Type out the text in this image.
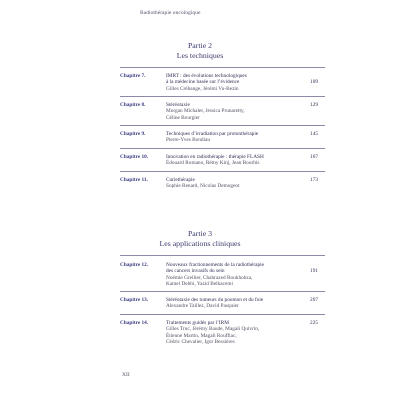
Radiothérapie oncologique
Partie 2
Les techniques
Chapitre 7.	IMRT : des évolutions technologiques
à la médecine basée sur l’évidence
Gilles Créhange, Jérémi Vu-Bezin
109
Chapitre 8.	Stéréotaxie
Morgan Michalet, Jessica Prunaretty,
Céline Bourgier
129
Chapitre 9.	Techniques d’irradiation par protonthérapie
Pierre-Yves Bondiau
145
Chapitre 10.	Innovation en radiothérapie : thérapie FLASH
Édouard Romano, Rémy Kinj, Jean Bourhis
167
Chapitre 11.	Curiethérapie
Sophie Renard, Nicolas Demogeot
173
Partie 3
Les applications cliniques
Chapitre 12.	Nouveaux fractionnements de la radiothérapie
des cancers invasifs du sein
Noémie Grellier, Chahrazed Boukhobza,
Kamel Debbi, Yazid Belkacemi
191
Chapitre 13.	Stéréotaxie des tumeurs du poumon et du foie
Alexandre Taillez, David Pasquier
207
Chapitre 14.	Traitements guidés par l’IRM
Gilles Truc, Jérémy Baude, Magali Quivrin,
Étienne Martin, Magali Rouffiac,
Cédric Chevalier, Igor Bessières
225
XII
